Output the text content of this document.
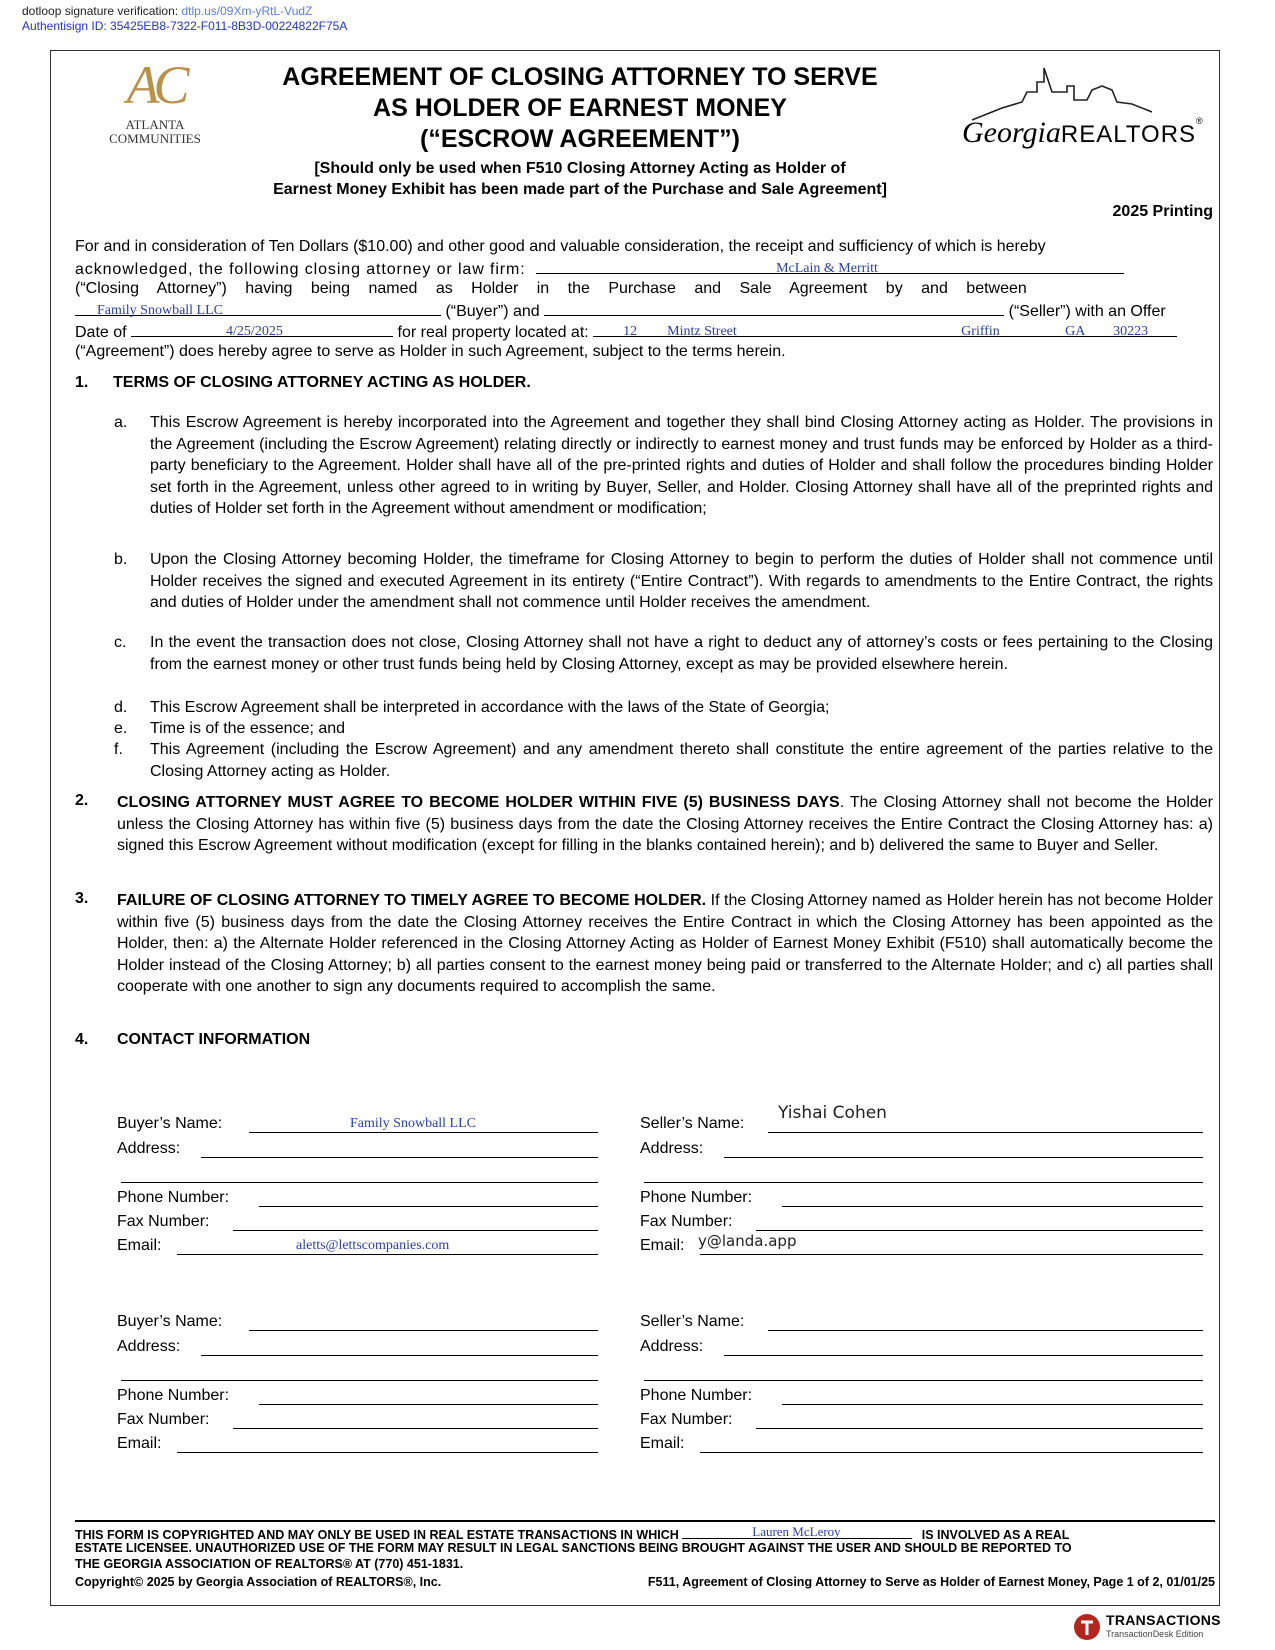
dotloop signature verification: dtlp.us/09Xm-yRtL-VudZ
Authentisign ID: 35425EB8-7322-F011-8B3D-00224822F75A
AC
ATLANTA
COMMUNITIES	GeorgiaREALTORS®
AGREEMENT OF CLOSING ATTORNEY TO SERVE
AS HOLDER OF EARNEST MONEY
(“ESCROW AGREEMENT”)
[Should only be used when F510 Closing Attorney Acting as Holder of
Earnest Money Exhibit has been made part of the Purchase and Sale Agreement]
2025 Printing
For and in consideration of Ten Dollars ($10.00) and other good and valuable consideration, the receipt and sufficiency of which is hereby
acknowledged, the following closing attorney or law firm:	McLain & Merritt
(“Closing Attorney”) having being named as Holder in the Purchase and Sale Agreement by and between
Family Snowball LLC	(“Buyer”) and	(“Seller”) with an Offer
Date of	4/25/2025	for real property located at: 12 Mintz Street	Griffin	GA 30223
(“Agreement”) does hereby agree to serve as Holder in such Agreement, subject to the terms herein.
1. TERMS OF CLOSING ATTORNEY ACTING AS HOLDER.
a. This Escrow Agreement is hereby incorporated into the Agreement and together they shall bind Closing Attorney acting as Holder. The provisions in the Agreement (including the Escrow Agreement) relating directly or indirectly to earnest money and trust funds may be enforced by Holder as a third-party beneficiary to the Agreement. Holder shall have all of the pre-printed rights and duties of Holder and shall follow the procedures binding Holder set forth in the Agreement, unless other agreed to in writing by Buyer, Seller, and Holder. Closing Attorney shall have all of the preprinted rights and duties of Holder set forth in the Agreement without amendment or modification;
b. Upon the Closing Attorney becoming Holder, the timeframe for Closing Attorney to begin to perform the duties of Holder shall not commence until Holder receives the signed and executed Agreement in its entirety (“Entire Contract”). With regards to amendments to the Entire Contract, the rights and duties of Holder under the amendment shall not commence until Holder receives the amendment.
c. In the event the transaction does not close, Closing Attorney shall not have a right to deduct any of attorney’s costs or fees pertaining to the Closing from the earnest money or other trust funds being held by Closing Attorney, except as may be provided elsewhere herein.
d. This Escrow Agreement shall be interpreted in accordance with the laws of the State of Georgia;
e. Time is of the essence; and
f. This Agreement (including the Escrow Agreement) and any amendment thereto shall constitute the entire agreement of the parties relative to the Closing Attorney acting as Holder.
2. CLOSING ATTORNEY MUST AGREE TO BECOME HOLDER WITHIN FIVE (5) BUSINESS DAYS. The Closing Attorney shall not become the Holder unless the Closing Attorney has within five (5) business days from the date the Closing Attorney receives the Entire Contract the Closing Attorney has: a) signed this Escrow Agreement without modification (except for filling in the blanks contained herein); and b) delivered the same to Buyer and Seller.
3. FAILURE OF CLOSING ATTORNEY TO TIMELY AGREE TO BECOME HOLDER. If the Closing Attorney named as Holder herein has not become Holder within five (5) business days from the date the Closing Attorney receives the Entire Contract in which the Closing Attorney has been appointed as the Holder, then: a) the Alternate Holder referenced in the Closing Attorney Acting as Holder of Earnest Money Exhibit (F510) shall automatically become the Holder instead of the Closing Attorney; b) all parties consent to the earnest money being paid or transferred to the Alternate Holder; and c) all parties shall cooperate with one another to sign any documents required to accomplish the same.
4. CONTACT INFORMATION
Buyer’s Name:	Family Snowball LLC
Address:
Phone Number:
Fax Number:
Email:	aletts@lettscompanies.com
Seller’s Name:
Yishai Cohen
Address:
Phone Number:
Fax Number:
Email: y@landa.app
Buyer’s Name:
Address:
Phone Number:
Fax Number:
Email:
Seller’s Name:
Address:
Phone Number:
Fax Number:
Email:
THIS FORM IS COPYRIGHTED AND MAY ONLY BE USED IN REAL ESTATE TRANSACTIONS IN WHICH	Lauren McLeroy	IS INVOLVED AS A REAL
ESTATE LICENSEE. UNAUTHORIZED USE OF THE FORM MAY RESULT IN LEGAL SANCTIONS BEING BROUGHT AGAINST THE USER AND SHOULD BE REPORTED TO
THE GEORGIA ASSOCIATION OF REALTORS® AT (770) 451-1831.
Copyright© 2025 by Georgia Association of REALTORS®, Inc.	F511, Agreement of Closing Attorney to Serve as Holder of Earnest Money, Page 1 of 2, 01/01/25
TRANSACTIONS
TransactionDesk Edition
